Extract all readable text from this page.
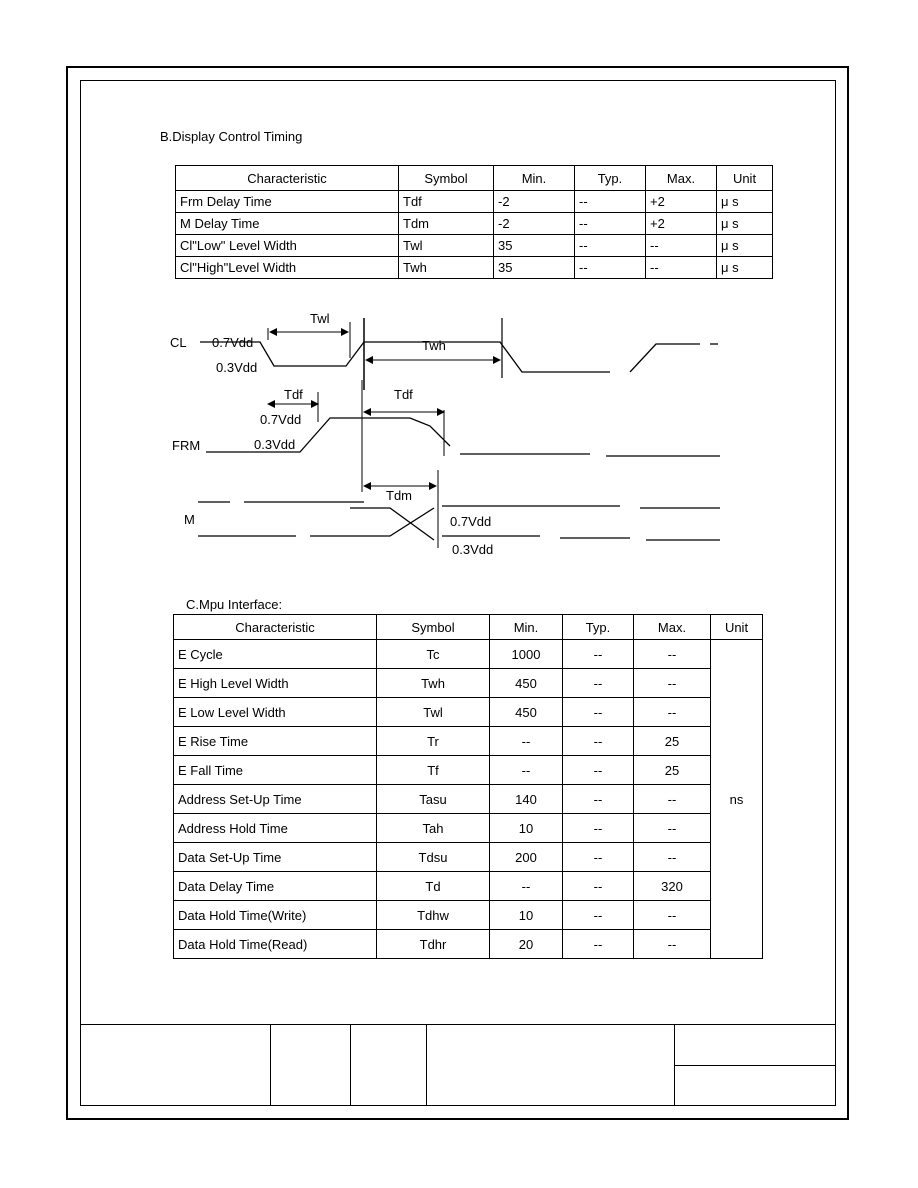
B.Display Control Timing
Characteristic	Symbol	Min.	Typ.	Max.	Unit
Frm Delay Time	Tdf	-2	--	+2	μ s
M Delay Time	Tdm	-2	--	+2	μ s
Cl"Low" Level Width	Twl	35	--	--	μ s
Cl"High"Level Width	Twh	35	--	--	μ s
CL 0.7Vdd
0.3Vdd
Twl
Twh
Tdf	Tdf
0.7Vdd
0.3Vdd
FRM
Tdm
M	0.7Vdd
0.3Vdd
C.Mpu Interface:
Characteristic	Symbol	Min.	Typ.	Max.	Unit
E Cycle	Tc	1000	--	--	ns
E High Level Width	Twh	450	--	--	
E Low Level Width	Twl	450	--	--	
E Rise Time	Tr	--	--	25	
E Fall Time	Tf	--	--	25	
Address Set-Up Time	Tasu	140	--	--	
Address Hold Time	Tah	10	--	--	
Data Set-Up Time	Tdsu	200	--	--	
Data Delay Time	Td	--	--	320	
Data Hold Time(Write)	Tdhw	10	--	--	
Data Hold Time(Read)	Tdhr	20	--	--	
